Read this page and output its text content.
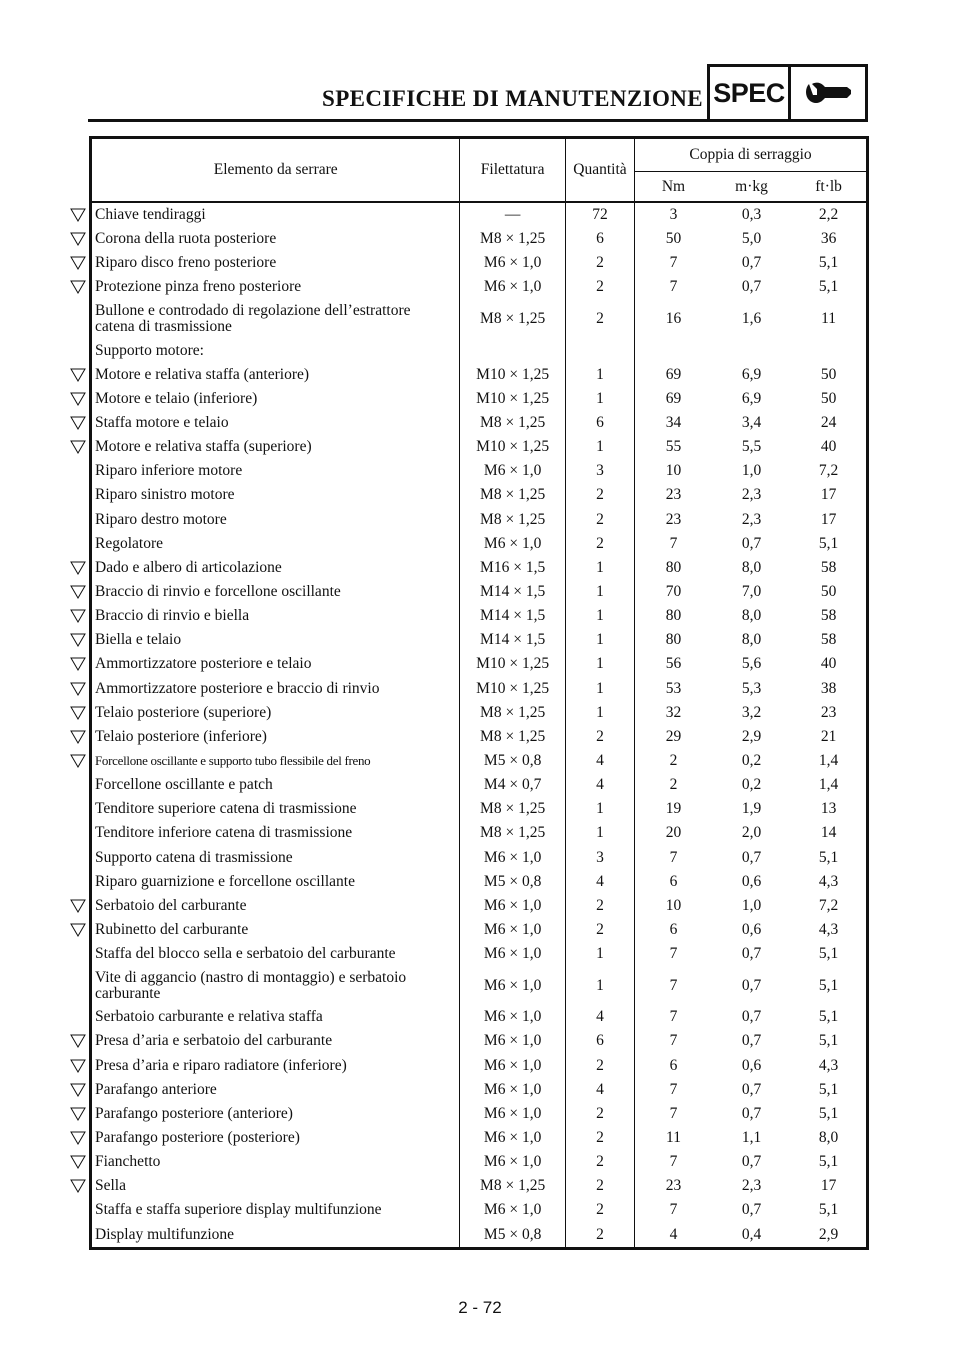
SPECIFICHE DI MANUTENZIONE SPEC
Elemento da serrare	Filettatura	Quantità	Coppia di serraggio		
			Nm	m·kg	ft·lb
Chiave tendiraggi	—	72	3	0,3	2,2
Corona della ruota posteriore	M8 × 1,25	6	50	5,0	36
Riparo disco freno posteriore	M6 × 1,0	2	7	0,7	5,1
Protezione pinza freno posteriore	M6 × 1,0	2	7	0,7	5,1
Bullone e controdado di regolazione dell’estrattore
catena di trasmissione	M8 × 1,25	2	16	1,6	11
Supporto motore:					
Motore e relativa staffa (anteriore)	M10 × 1,25	1	69	6,9	50
Motore e telaio (inferiore)	M10 × 1,25	1	69	6,9	50
Staffa motore e telaio	M8 × 1,25	6	34	3,4	24
Motore e relativa staffa (superiore)	M10 × 1,25	1	55	5,5	40
Riparo inferiore motore	M6 × 1,0	3	10	1,0	7,2
Riparo sinistro motore	M8 × 1,25	2	23	2,3	17
Riparo destro motore	M8 × 1,25	2	23	2,3	17
Regolatore	M6 × 1,0	2	7	0,7	5,1
Dado e albero di articolazione	M16 × 1,5	1	80	8,0	58
Braccio di rinvio e forcellone oscillante	M14 × 1,5	1	70	7,0	50
Braccio di rinvio e biella	M14 × 1,5	1	80	8,0	58
Biella e telaio	M14 × 1,5	1	80	8,0	58
Ammortizzatore posteriore e telaio	M10 × 1,25	1	56	5,6	40
Ammortizzatore posteriore e braccio di rinvio	M10 × 1,25	1	53	5,3	38
Telaio posteriore (superiore)	M8 × 1,25	1	32	3,2	23
Telaio posteriore (inferiore)	M8 × 1,25	2	29	2,9	21
Forcellone oscillante e supporto tubo flessibile del freno	M5 × 0,8	4	2	0,2	1,4
Forcellone oscillante e patch	M4 × 0,7	4	2	0,2	1,4
Tenditore superiore catena di trasmissione	M8 × 1,25	1	19	1,9	13
Tenditore inferiore catena di trasmissione	M8 × 1,25	1	20	2,0	14
Supporto catena di trasmissione	M6 × 1,0	3	7	0,7	5,1
Riparo guarnizione e forcellone oscillante	M5 × 0,8	4	6	0,6	4,3
Serbatoio del carburante	M6 × 1,0	2	10	1,0	7,2
Rubinetto del carburante	M6 × 1,0	2	6	0,6	4,3
Staffa del blocco sella e serbatoio del carburante	M6 × 1,0	1	7	0,7	5,1
Vite di aggancio (nastro di montaggio) e serbatoio
carburante	M6 × 1,0	1	7	0,7	5,1
Serbatoio carburante e relativa staffa	M6 × 1,0	4	7	0,7	5,1
Presa d’aria e serbatoio del carburante	M6 × 1,0	6	7	0,7	5,1
Presa d’aria e riparo radiatore (inferiore)	M6 × 1,0	2	6	0,6	4,3
Parafango anteriore	M6 × 1,0	4	7	0,7	5,1
Parafango posteriore (anteriore)	M6 × 1,0	2	7	0,7	5,1
Parafango posteriore (posteriore)	M6 × 1,0	2	11	1,1	8,0
Fianchetto	M6 × 1,0	2	7	0,7	5,1
Sella	M8 × 1,25	2	23	2,3	17
Staffa e staffa superiore display multifunzione	M6 × 1,0	2	7	0,7	5,1
Display multifunzione	M5 × 0,8	2	4	0,4	2,9
2 - 72
